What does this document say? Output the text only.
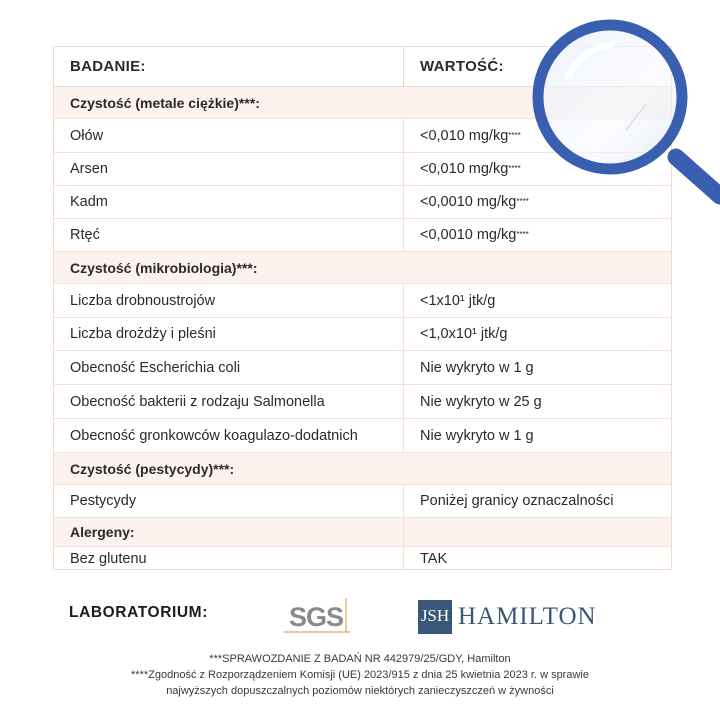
BADANIE:	WARTOŚĆ:
Czystość (metale ciężkie)***:
Ołów	<0,010 mg/kg ****
Arsen	<0,010 mg/kg ****
Kadm	<0,0010 mg/kg ****
Rtęć	<0,0010 mg/kg ****
Czystość (mikrobiologia)***:
Liczba drobnoustrojów	<1x10¹ jtk/g
Liczba drożdży i pleśni	<1,0x10¹ jtk/g
Obecność Escherichia coli	Nie wykryto w 1 g
Obecność bakterii z rodzaju Salmonella	Nie wykryto w 25 g
Obecność gronkowców koagulazo-dodatnich	Nie wykryto w 1 g
Czystość (pestycydy)***:
Pestycydy	Poniżej granicy oznaczalności
Alergeny:
Bez glutenu	TAK
LABORATORIUM:	SGS	JSH HAMILTON
***SPRAWOZDANIE Z BADAŃ NR 442979/25/GDY, Hamilton
****Zgodność z Rozporządzeniem Komisji (UE) 2023/915 z dnia 25 kwietnia 2023 r. w sprawie
najwyższych dopuszczalnych poziomów niektórych zanieczyszczeń w żywności
